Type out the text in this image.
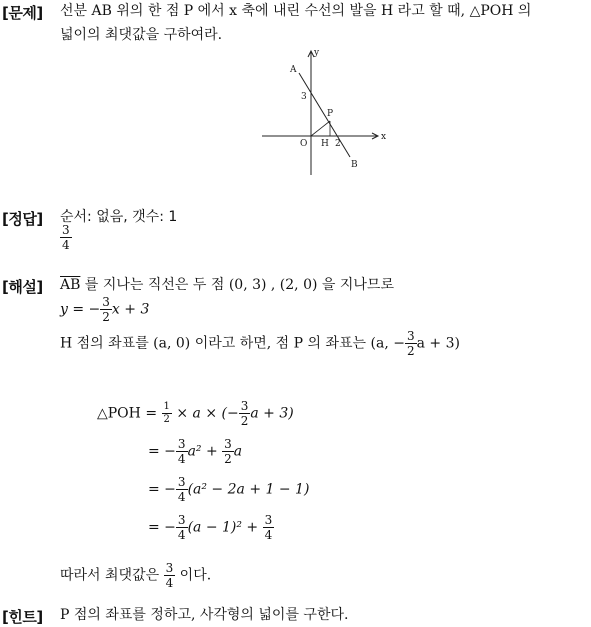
[문제] 선분 AB 위의 한 점 P 에서 x 축에 내린 수선의 발을 H 라고 할 때, △POH 의
넓이의 최댓값을 구하여라.
y
x
A
3
P
O H 2
B
[정답] 순서: 없음, 갯수: 1
$\frac{3}{4}$
[해설] $\overline{AB}$ 를 지나는 직선은 두 점 (0, 3) , (2, 0) 을 지나므로
y = − $\frac{3}{2}$ x + 3
H 점의 좌표를 (a, 0) 이라고 하면, 점 P 의 좌표는 (a, − $\frac{3}{2}$ a + 3)
△POH = $\frac{1}{2} \times a$ × (− $\frac{3}{2}$ a + 3)
= − $\frac{3}{4} a^2 + \frac{3}{2}$ a
= − $\frac{3}{4} (a^2 - 2a + 1 - 1)$
= − $\frac{3}{4} (a - 1)^2 + \frac{3}{4}$
따라서 최댓값은 $\frac{3}{4}$ 이다.
[힌트] P 점의 좌표를 정하고, 사각형의 넓이를 구한다.
